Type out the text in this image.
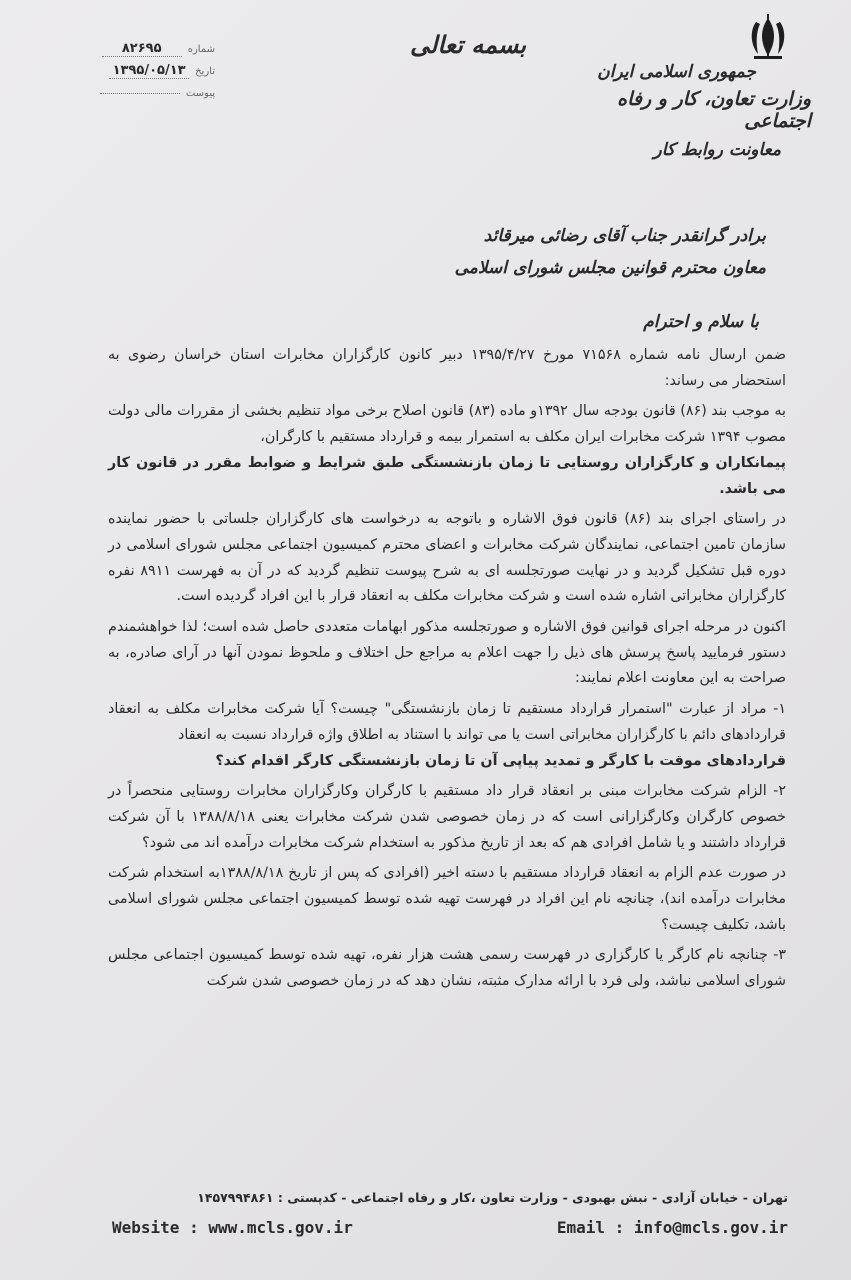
شماره
۸۲۶۹۵
تاریخ
۱۳۹۵/۰۵/۱۳
پیوست
بسمه تعالی
جمهوری اسلامی ایران
وزارت تعاون، کار و رفاه اجتماعی
معاونت روابط کار
برادر گرانقدر جناب آقای رضائی میرقائد
معاون محترم قوانین مجلس شورای اسلامی
با سلام و احترام

ضمن ارسال نامه شماره ۷۱۵۶۸ مورخ ۱۳۹۵/۴/۲۷ دبیر کانون کارگزاران مخابرات استان خراسان رضوی به استحضار می رساند:

به موجب بند (۸۶) قانون بودجه سال ۱۳۹۲و ماده (۸۳) قانون اصلاح برخی مواد تنظیم بخشی از مقررات مالی دولت مصوب ۱۳۹۴ شرکت مخابرات ایران مکلف به استمرار بیمه و قرارداد مستقیم با کارگران،

پیمانکاران و کارگزاران روستایی تا زمان بازنشستگی طبق شرایط و ضوابط مقرر در قانون کار می باشد.

در راستای اجرای بند (۸۶) قانون فوق الاشاره و باتوجه به درخواست های کارگزاران جلساتی با حضور نماینده سازمان تامین اجتماعی، نمایندگان شرکت مخابرات و اعضای محترم کمیسیون اجتماعی مجلس شورای اسلامی در دوره قبل تشکیل گردید و در نهایت صورتجلسه ای به شرح پیوست تنظیم گردید که در آن به فهرست ۸۹۱۱ نفره کارگزاران مخابراتی اشاره شده است و شرکت مخابرات مکلف به انعقاد قرار با این افراد گردیده است.

اکنون در مرحله اجرای قوانین فوق الاشاره و صورتجلسه مذکور ابهامات متعددی حاصل شده است؛ لذا خواهشمندم دستور فرمایید پاسخ پرسش های ذیل را جهت اعلام به مراجع حل اختلاف و ملحوظ نمودن آنها در آرای صادره، به صراحت به این معاونت اعلام نمایند:

۱- مراد از عبارت "استمرار قرارداد مستقیم تا زمان بازنشستگی" چیست؟ آیا شرکت مخابرات مکلف به انعقاد قراردادهای دائم با کارگزاران مخابراتی است یا می تواند با استناد به اطلاق واژه قرارداد نسبت به انعقاد

قراردادهای موقت با کارگر و تمدید پیاپی آن تا زمان بازنشستگی کارگر اقدام کند؟

۲- الزام شرکت مخابرات مبنی بر انعقاد قرار داد مستقیم با کارگران وکارگزاران مخابرات روستایی منحصراً در خصوص کارگران وکارگزارانی است که در زمان خصوصی شدن شرکت مخابرات یعنی ۱۳۸۸/۸/۱۸ با آن شرکت قرارداد داشتند و یا شامل افرادی هم که بعد از تاریخ مذکور به استخدام شرکت مخابرات درآمده اند می شود؟

در صورت عدم الزام به انعقاد قرارداد مستقیم با دسته اخیر (افرادی که پس از تاریخ ۱۳۸۸/۸/۱۸به استخدام شرکت مخابرات درآمده اند)، چنانچه نام این افراد در فهرست تهیه شده توسط کمیسیون اجتماعی مجلس شورای اسلامی باشد، تکلیف چیست؟

۳- چنانچه نام کارگر یا کارگزاری در فهرست رسمی هشت هزار نفره، تهیه شده توسط کمیسیون اجتماعی مجلس شورای اسلامی نباشد، ولی فرد با ارائه مدارک مثبته، نشان دهد که در زمان خصوصی شدن شرکت

تهران - خیابان آزادی - نبش بهبودی - وزارت تعاون ،کار و رفاه اجتماعی - کدپستی : ۱۴۵۷۹۹۴۸۶۱
Website : www.mcls.gov.ir	Email : info@mcls.gov.ir
